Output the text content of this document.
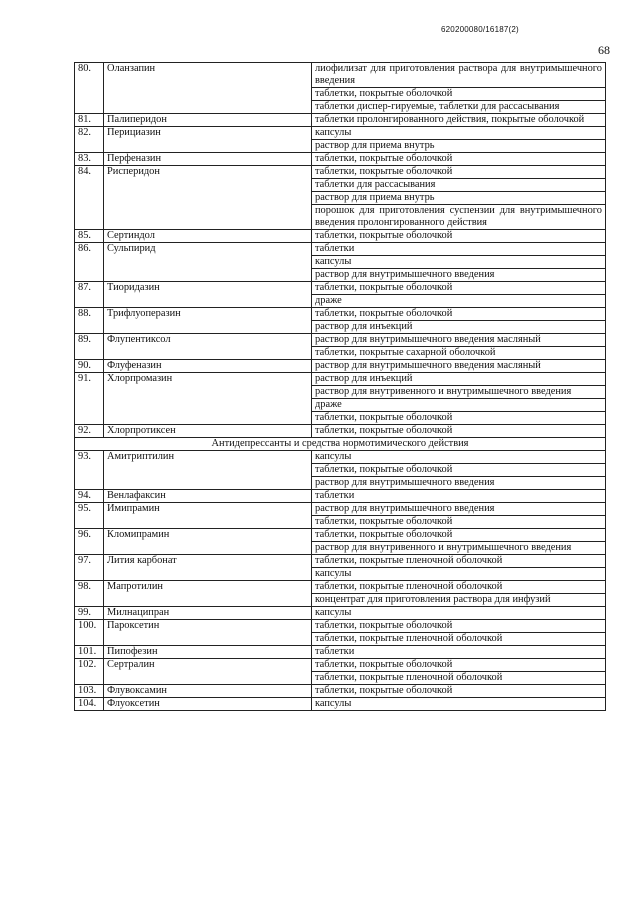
620200080/16187(2)
68
80.	Оланзапин	лиофилизат для приготовления раствора для внутримышечного введения
		таблетки, покрытые оболочкой
		таблетки диспер-гируемые, таблетки для рассасывания
81.	Палиперидон	таблетки пролонгированного действия, покрытые оболочкой
82.	Перициазин	капсулы
		раствор для приема внутрь
83.	Перфеназин	таблетки, покрытые оболочкой
84.	Рисперидон	таблетки, покрытые оболочкой
		таблетки для рассасывания
		раствор для приема внутрь
		порошок для приготовления суспензии для внутримышечного введения пролонгированного действия
85.	Сертиндол	таблетки, покрытые оболочкой
86.	Сульпирид	таблетки
		капсулы
		раствор для внутримышечного введения
87.	Тиоридазин	таблетки, покрытые оболочкой
		драже
88.	Трифлуоперазин	таблетки, покрытые оболочкой
		раствор для инъекций
89.	Флупентиксол	раствор для внутримышечного введения масляный
		таблетки, покрытые сахарной оболочкой
90.	Флуфеназин	раствор для внутримышечного введения масляный
91.	Хлорпромазин	раствор для инъекций
		раствор для внутривенного и внутримышечного введения
		драже
		таблетки, покрытые оболочкой
92.	Хлорпротиксен	таблетки, покрытые оболочкой
Антидепрессанты и средства нормотимического действия		
93.	Амитриптилин	капсулы
		таблетки, покрытые оболочкой
		раствор для внутримышечного введения
94.	Венлафаксин	таблетки
95.	Имипрамин	раствор для внутримышечного введения
		таблетки, покрытые оболочкой
96.	Кломипрамин	таблетки, покрытые оболочкой
		раствор для внутривенного и внутримышечного введения
97.	Лития карбонат	таблетки, покрытые пленочной оболочкой
		капсулы
98.	Мапротилин	таблетки, покрытые пленочной оболочкой
		концентрат для приготовления раствора для инфузий
99.	Милнаципран	капсулы
100.	Пароксетин	таблетки, покрытые оболочкой
		таблетки, покрытые пленочной оболочкой
101.	Пипофезин	таблетки
102.	Сертралин	таблетки, покрытые оболочкой
		таблетки, покрытые пленочной оболочкой
103.	Флувоксамин	таблетки, покрытые оболочкой
104.	Флуоксетин	капсулы
